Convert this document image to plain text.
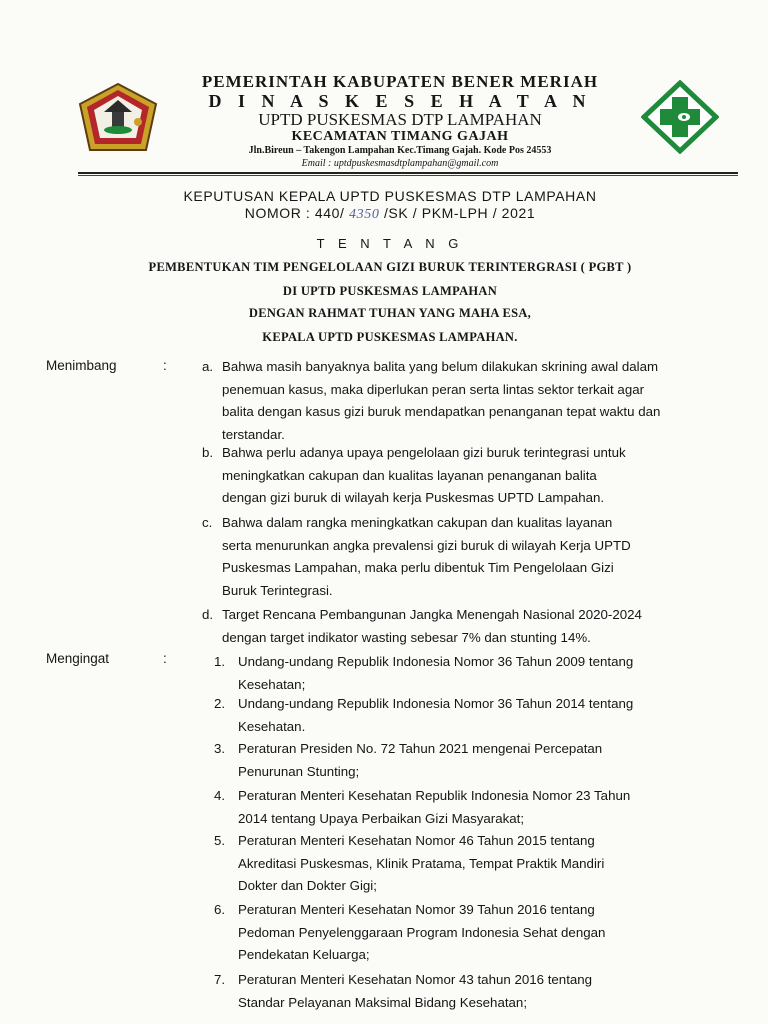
PEMERINTAH KABUPATEN BENER MERIAH
D I N A S K E S E H A T A N
UPTD PUSKESMAS DTP LAMPAHAN
KECAMATAN TIMANG GAJAH
Jln.Bireun – Takengon Lampahan Kec.Timang Gajah. Kode Pos 24553
Email : uptdpuskesmasdtplampahan@gmail.com
KEPUTUSAN KEPALA UPTD PUSKESMAS DTP LAMPAHAN
NOMOR : 440/ 4350 /SK / PKM-LPH / 2021
T E N T A N G
PEMBENTUKAN TIM PENGELOLAAN GIZI BURUK TERINTERGRASI ( PGBT )
DI UPTD PUSKESMAS LAMPAHAN
DENGAN RAHMAT TUHAN YANG MAHA ESA,
KEPALA UPTD PUSKESMAS LAMPAHAN.
Menimbang	:	a. Bahwa masih banyaknya balita yang belum dilakukan skrining awal dalam
penemuan kasus, maka diperlukan peran serta lintas sektor terkait agar
balita dengan kasus gizi buruk mendapatkan penanganan tepat waktu dan
terstandar.
b. Bahwa perlu adanya upaya pengelolaan gizi buruk terintegrasi untuk
meningkatkan cakupan dan kualitas layanan penanganan balita
dengan gizi buruk di wilayah kerja Puskesmas UPTD Lampahan.
c. Bahwa dalam rangka meningkatkan cakupan dan kualitas layanan
serta menurunkan angka prevalensi gizi buruk di wilayah Kerja UPTD
Puskesmas Lampahan, maka perlu dibentuk Tim Pengelolaan Gizi
Buruk Terintegrasi.
d. Target Rencana Pembangunan Jangka Menengah Nasional 2020-2024
dengan target indikator wasting sebesar 7% dan stunting 14%.
Mengingat	:	1. Undang-undang Republik Indonesia Nomor 36 Tahun 2009 tentang
Kesehatan;
2. Undang-undang Republik Indonesia Nomor 36 Tahun 2014 tentang
Kesehatan.
3. Peraturan Presiden No. 72 Tahun 2021 mengenai Percepatan
Penurunan Stunting;
4. Peraturan Menteri Kesehatan Republik Indonesia Nomor 23 Tahun
2014 tentang Upaya Perbaikan Gizi Masyarakat;
5. Peraturan Menteri Kesehatan Nomor 46 Tahun 2015 tentang
Akreditasi Puskesmas, Klinik Pratama, Tempat Praktik Mandiri
Dokter dan Dokter Gigi;
6. Peraturan Menteri Kesehatan Nomor 39 Tahun 2016 tentang
Pedoman Penyelenggaraan Program Indonesia Sehat dengan
Pendekatan Keluarga;
7. Peraturan Menteri Kesehatan Nomor 43 tahun 2016 tentang
Standar Pelayanan Maksimal Bidang Kesehatan;
